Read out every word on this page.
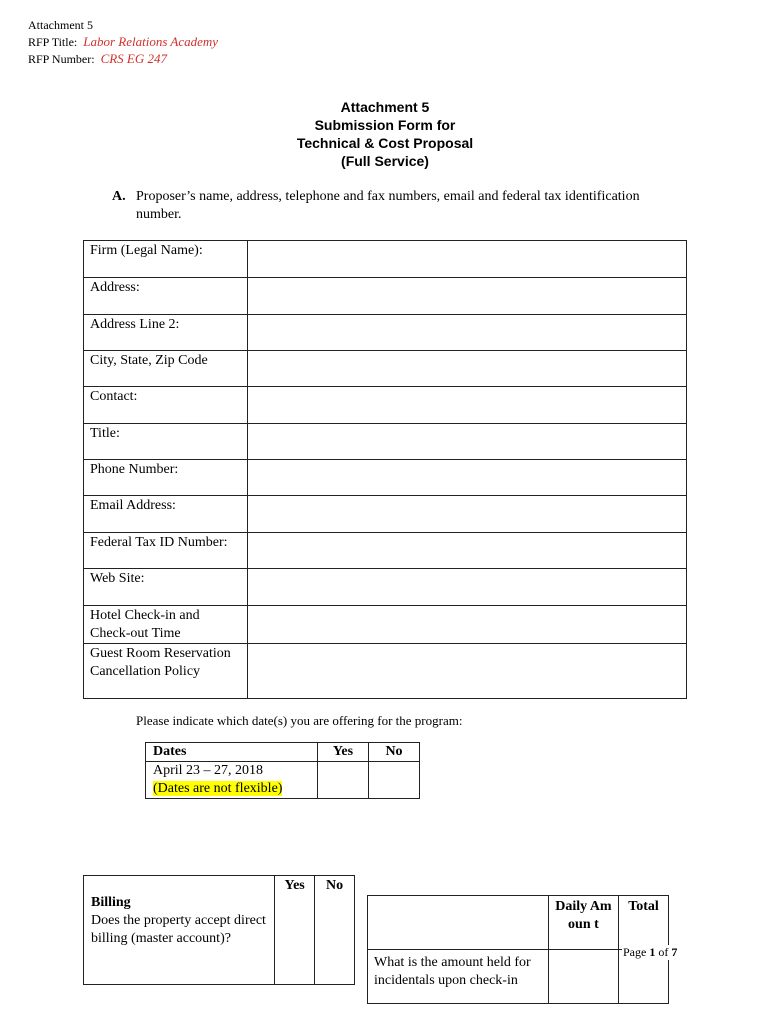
Attachment 5
RFP Title: Labor Relations Academy
RFP Number: CRS EG 247
Attachment 5
Submission Form for
Technical & Cost Proposal
(Full Service)
A. Proposer’s name, address, telephone and fax numbers, email and federal tax identification number.
Firm (Legal Name):	
Address:	
Address Line 2:	
City, State, Zip Code	
Contact:	
Title:	
Phone Number:	
Email Address:	
Federal Tax ID Number:	
Web Site:	
Hotel Check-in and Check-out Time	
Guest Room Reservation Cancellation Policy	
Please indicate which date(s) you are offering for the program:
Dates	Yes	No

April 23 – 27, 2018
(Dates are not flexible)		

Billing
Does the property accept direct billing (master account)?
	Yes	No
	Daily Amoun t	Total
What is the amount held for incidentals upon check-in		
Page 1 of 7
